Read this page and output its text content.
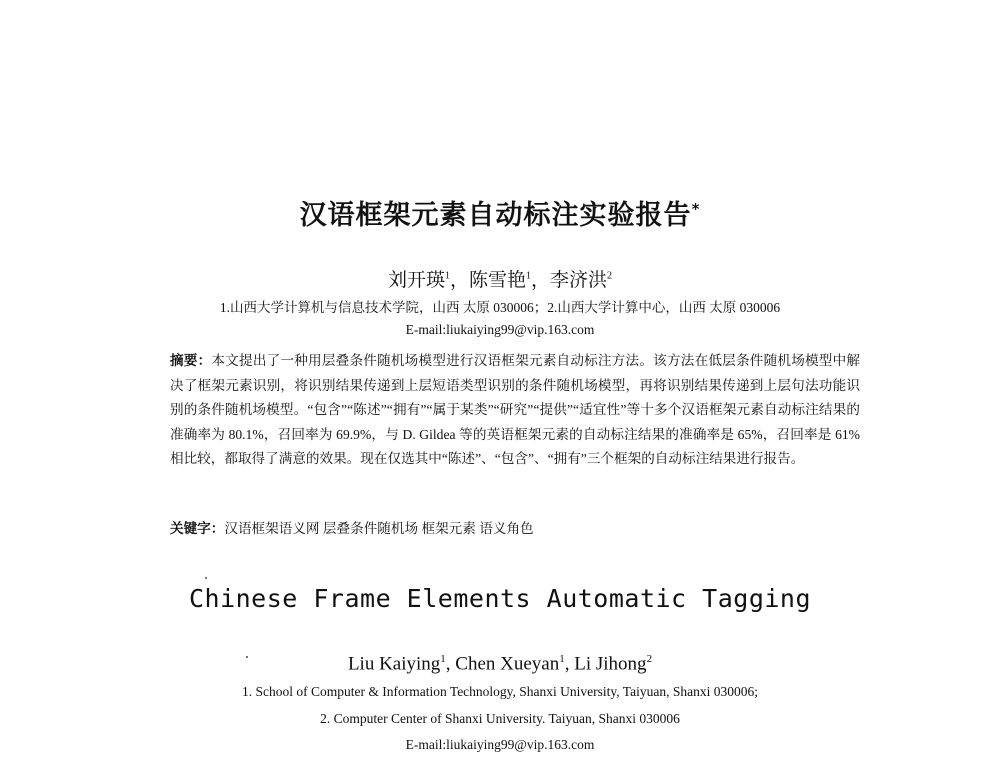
汉语框架元素自动标注实验报告*
刘开瑛$^1$，陈雪艳$^1$，李济洪$^2$
1.山西大学计算机与信息技术学院，山西 太原 030006；2.山西大学计算中心，山西 太原 030006
E-mail:liukaiying99@vip.163.com
摘要：本文提出了一种用层叠条件随机场模型进行汉语框架元素自动标注方法。该方法在低层条件随机场模型中解决了框架元素识别，将识别结果传递到上层短语类型识别的条件随机场模型，再将识别结果传递到上层句法功能识别的条件随机场模型。“包含”“陈述”“拥有”“属于某类”“研究”“提供”“适宜性”等十多个汉语框架元素自动标注结果的准确率为 80.1%，召回率为 69.9%，与 D. Gildea 等的英语框架元素的自动标注结果的准确率是 65%，召回率是 61%相比较，都取得了满意的效果。现在仅选其中“陈述”、“包含”、“拥有”三个框架的自动标注结果进行报告。
关键字：汉语框架语义网 层叠条件随机场 框架元素 语义角色
Chinese Frame Elements Automatic Tagging
Liu Kaiying$^1$, Chen Xueyan$^1$, Li Jihong$^2$
1. School of Computer & Information Technology, Shanxi University, Taiyuan, Shanxi 030006;
2. Computer Center of Shanxi University. Taiyuan, Shanxi 030006
E-mail:liukaiying99@vip.163.com
